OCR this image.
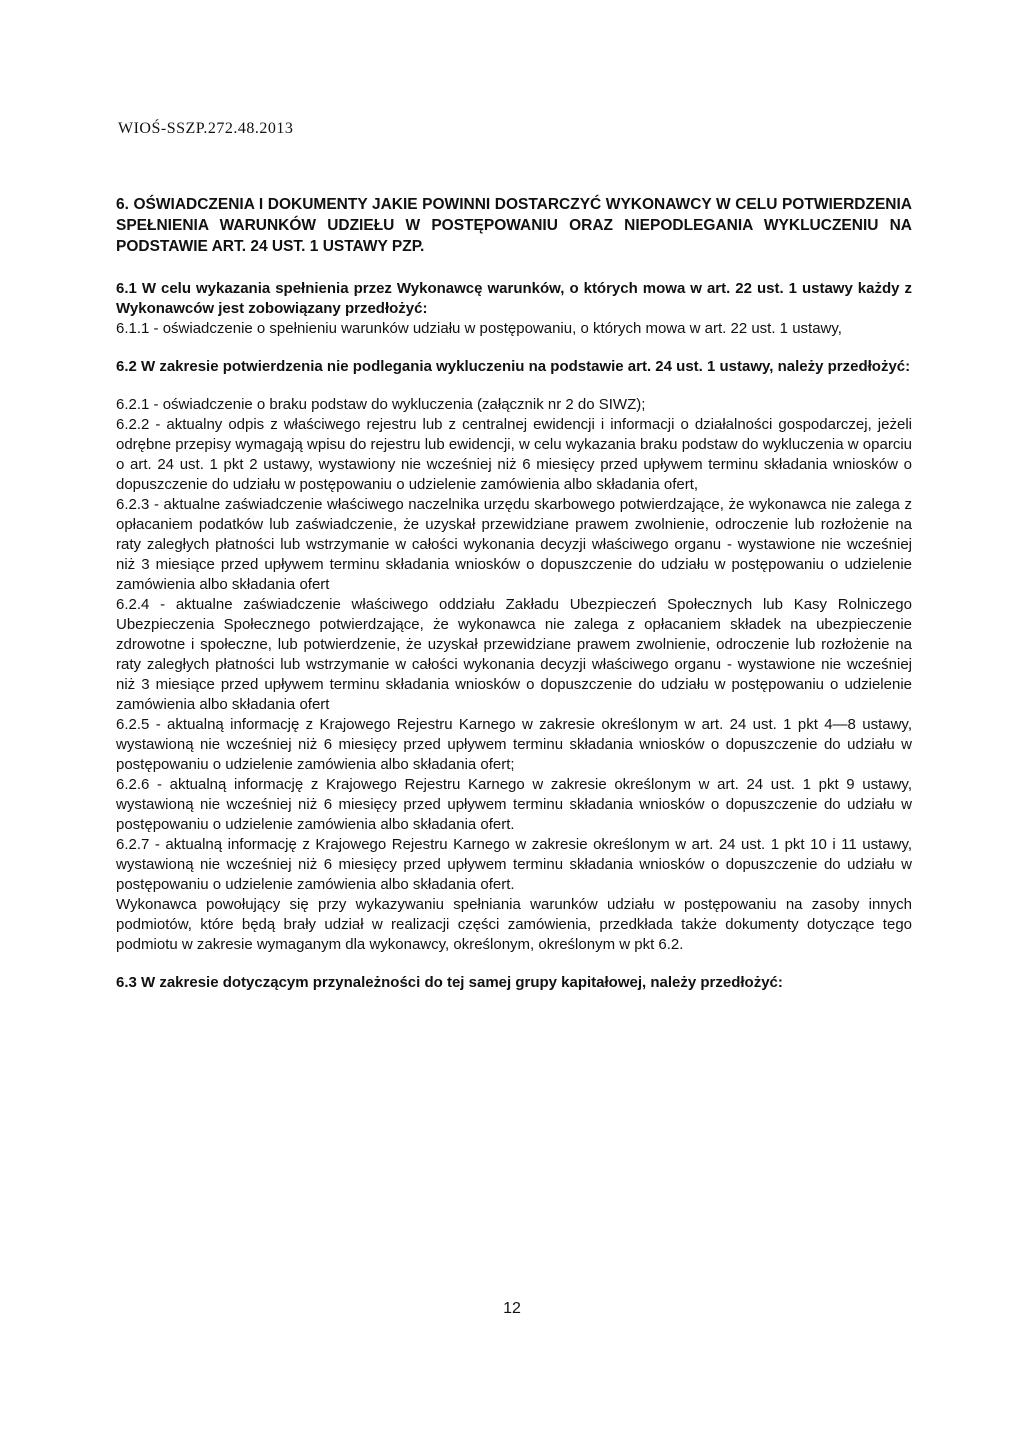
WIOŚ-SSZP.272.48.2013

6. OŚWIADCZENIA I DOKUMENTY JAKIE POWINNI DOSTARCZYĆ WYKONAWCY W CELU POTWIERDZENIA SPEŁNIENIA WARUNKÓW UDZIEŁU W POSTĘPOWANIU ORAZ NIEPODLEGANIA WYKLUCZENIU NA PODSTAWIE ART. 24 UST. 1 USTAWY PZP.

6.1 W celu wykazania spełnienia przez Wykonawcę warunków, o których mowa w art. 22 ust. 1 ustawy każdy z Wykonawców jest zobowiązany przedłożyć:

6.1.1 - oświadczenie o spełnieniu warunków udziału w postępowaniu, o których mowa w art. 22 ust. 1 ustawy,

6.2 W zakresie potwierdzenia nie podlegania wykluczeniu na podstawie art. 24 ust. 1 ustawy, należy przedłożyć:

6.2.1 - oświadczenie o braku podstaw do wykluczenia (załącznik nr 2 do SIWZ);

6.2.2 - aktualny odpis z właściwego rejestru lub z centralnej ewidencji i informacji o działalności gospodarczej, jeżeli odrębne przepisy wymagają wpisu do rejestru lub ewidencji, w celu wykazania braku podstaw do wykluczenia w oparciu o art. 24 ust. 1 pkt 2 ustawy, wystawiony nie wcześniej niż 6 miesięcy przed upływem terminu składania wniosków o dopuszczenie do udziału w postępowaniu o udzielenie zamówienia albo składania ofert,

6.2.3 - aktualne zaświadczenie właściwego naczelnika urzędu skarbowego potwierdzające, że wykonawca nie zalega z opłacaniem podatków lub zaświadczenie, że uzyskał przewidziane prawem zwolnienie, odroczenie lub rozłożenie na raty zaległych płatności lub wstrzymanie w całości wykonania decyzji właściwego organu - wystawione nie wcześniej niż 3 miesiące przed upływem terminu składania wniosków o dopuszczenie do udziału w postępowaniu o udzielenie zamówienia albo składania ofert

6.2.4 - aktualne zaświadczenie właściwego oddziału Zakładu Ubezpieczeń Społecznych lub Kasy Rolniczego Ubezpieczenia Społecznego potwierdzające, że wykonawca nie zalega z opłacaniem składek na ubezpieczenie zdrowotne i społeczne, lub potwierdzenie, że uzyskał przewidziane prawem zwolnienie, odroczenie lub rozłożenie na raty zaległych płatności lub wstrzymanie w całości wykonania decyzji właściwego organu - wystawione nie wcześniej niż 3 miesiące przed upływem terminu składania wniosków o dopuszczenie do udziału w postępowaniu o udzielenie zamówienia albo składania ofert

6.2.5 - aktualną informację z Krajowego Rejestru Karnego w zakresie określonym w art. 24 ust. 1 pkt 4—8 ustawy, wystawioną nie wcześniej niż 6 miesięcy przed upływem terminu składania wniosków o dopuszczenie do udziału w postępowaniu o udzielenie zamówienia albo składania ofert;

6.2.6 - aktualną informację z Krajowego Rejestru Karnego w zakresie określonym w art. 24 ust. 1 pkt 9 ustawy, wystawioną nie wcześniej niż 6 miesięcy przed upływem terminu składania wniosków o dopuszczenie do udziału w postępowaniu o udzielenie zamówienia albo składania ofert.

6.2.7 - aktualną informację z Krajowego Rejestru Karnego w zakresie określonym w art. 24 ust. 1 pkt 10 i 11 ustawy, wystawioną nie wcześniej niż 6 miesięcy przed upływem terminu składania wniosków o dopuszczenie do udziału w postępowaniu o udzielenie zamówienia albo składania ofert.

Wykonawca powołujący się przy wykazywaniu spełniania warunków udziału w postępowaniu na zasoby innych podmiotów, które będą brały udział w realizacji części zamówienia, przedkłada także dokumenty dotyczące tego podmiotu w zakresie wymaganym dla wykonawcy, określonym, określonym w pkt 6.2.

6.3 W zakresie dotyczącym przynależności do tej samej grupy kapitałowej, należy przedłożyć:

12
